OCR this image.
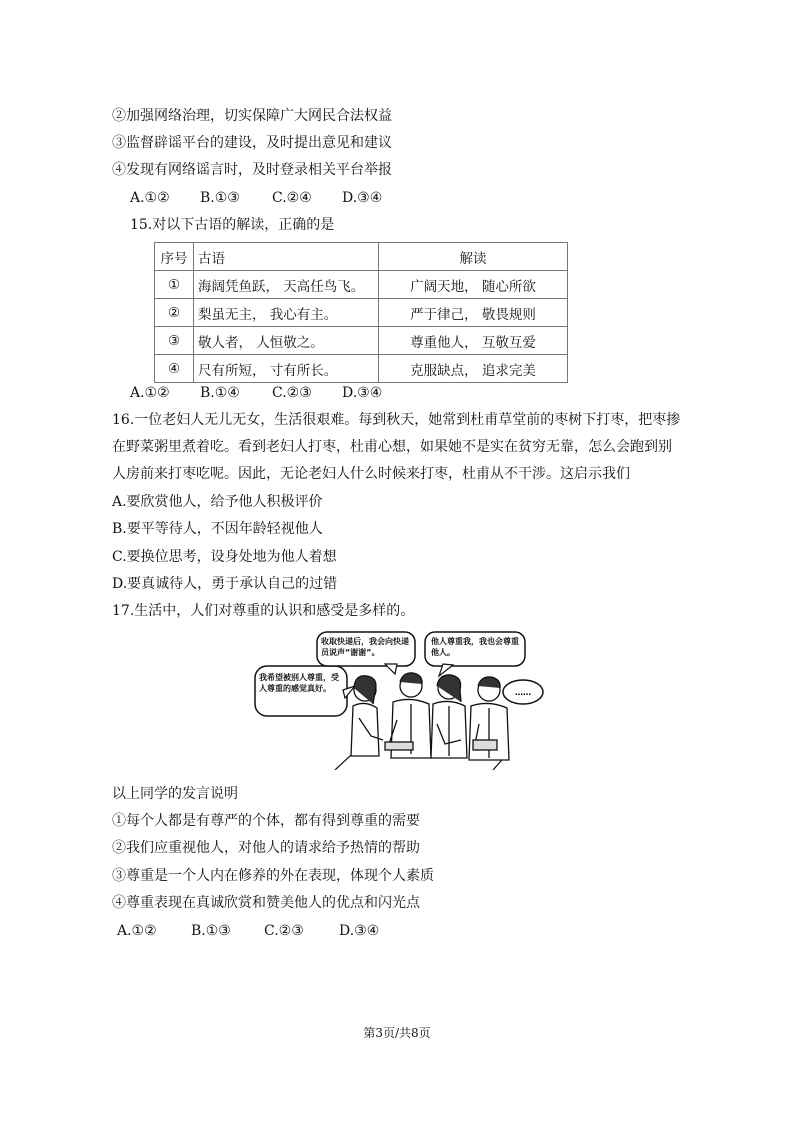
②加强网络治理，切实保障广大网民合法权益
③监督辟谣平台的建设，及时提出意见和建议
④发现有网络谣言时，及时登录相关平台举报
A.①② B.①③ C.②④ D.③④
15.对以下古语的解读，正确的是
序号	古语	解读
①	海阔凭鱼跃， 天高任鸟飞。	广阔天地， 随心所欲
②	梨虽无主， 我心有主。	严于律己， 敬畏规则
③	敬人者， 人恒敬之。	尊重他人， 互敬互爱
④	尺有所短， 寸有所长。	克服缺点， 追求完美
A.①② B.①④ C.②③ D.③④
16.一位老妇人无儿无女，生活很艰难。每到秋天，她常到杜甫草堂前的枣树下打枣，把枣掺
在野菜粥里煮着吃。看到老妇人打枣，杜甫心想，如果她不是实在贫穷无靠，怎么会跑到别
人房前来打枣吃呢。因此，无论老妇人什么时候来打枣，杜甫从不干涉。这启示我们
A.要欣赏他人，给予他人积极评价
B.要平等待人，不因年龄轻视他人
C.要换位思考，设身处地为他人着想
D.要真诚待人，勇于承认自己的过错
17.生活中，人们对尊重的认识和感受是多样的。
我希望被别人尊重，受人尊重的感觉真好。
收取快递后，我会向快递员说声“谢谢”。
他人尊重我，我也会尊重他人。
……
以上同学的发言说明
①每个人都是有尊严的个体，都有得到尊重的需要
②我们应重视他人，对他人的请求给予热情的帮助
③尊重是一个人内在修养的外在表现，体现个人素质
④尊重表现在真诚欣赏和赞美他人的优点和闪光点
A.①② B.①③ C.②③	D.③④
第3页/共8页
